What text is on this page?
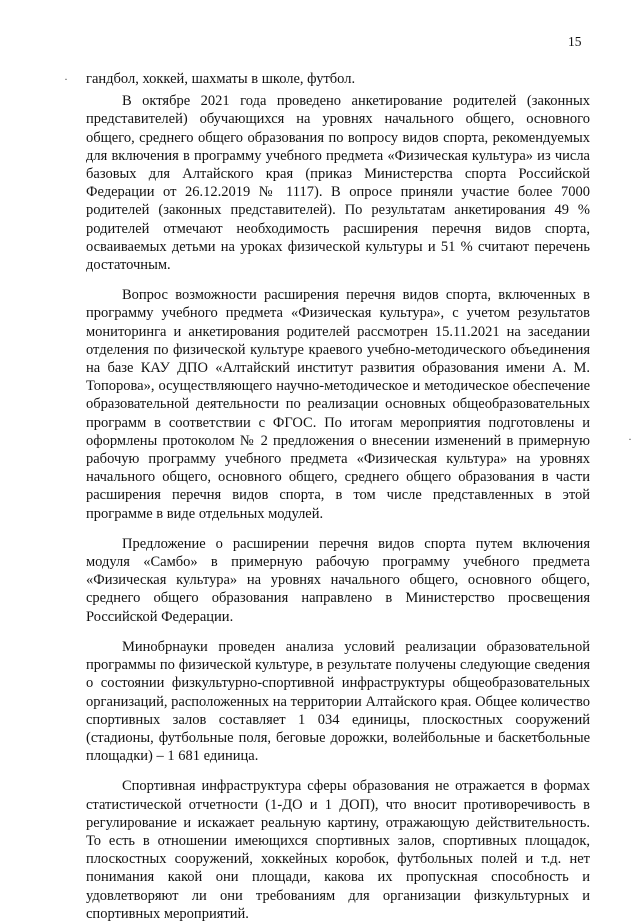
15
·
·

гандбол, хоккей, шахматы в школе, футбол.

В октябре 2021 года проведено анкетирование родителей (законных представителей) обучающихся на уровнях начального общего, основного общего, среднего общего образования по вопросу видов спорта, рекомендуемых для включения в программу учебного предмета «Физическая культура» из числа базовых для Алтайского края (приказ Министерства спорта Российской Федерации от 26.12.2019 № 1117). В опросе приняли участие более 7000 родителей (законных представителей). По результатам анкетирования 49 % родителей отмечают необходимость расширения перечня видов спорта, осваиваемых детьми на уроках физической культуры и 51 % считают перечень достаточным.

Вопрос возможности расширения перечня видов спорта, включенных в программу учебного предмета «Физическая культура», с учетом результатов мониторинга и анкетирования родителей рассмотрен 15.11.2021 на заседании отделения по физической культуре краевого учебно-методического объединения на базе КАУ ДПО «Алтайский институт развития образования имени А. М. Топорова», осуществляющего научно-методическое и методическое обеспечение образовательной деятельности по реализации основных общеобразовательных программ в соответствии с ФГОС. По итогам мероприятия подготовлены и оформлены протоколом № 2 предложения о внесении изменений в примерную рабочую программу учебного предмета «Физическая культура» на уровнях начального общего, основного общего, среднего общего образования в части расширения перечня видов спорта, в том числе представленных в этой программе в виде отдельных модулей.

Предложение о расширении перечня видов спорта путем включения модуля «Самбо» в примерную рабочую программу учебного предмета «Физическая культура» на уровнях начального общего, основного общего, среднего общего образования направлено в Министерство просвещения Российской Федерации.

Минобрнауки проведен анализа условий реализации образовательной программы по физической культуре, в результате получены следующие сведения о состоянии физкультурно-спортивной инфраструктуры общеобразовательных организаций, расположенных на территории Алтайского края. Общее количество спортивных залов составляет 1 034 единицы, плоскостных сооружений (стадионы, футбольные поля, беговые дорожки, волейбольные и баскетбольные площадки) – 1 681 единица.

Спортивная инфраструктура сферы образования не отражается в формах статистической отчетности (1-ДО и 1 ДОП), что вносит противоречивость в регулирование и искажает реальную картину, отражающую действительность. То есть в отношении имеющихся спортивных залов, спортивных площадок, плоскостных сооружений, хоккейных коробок, футбольных полей и т.д. нет понимания какой они площади, какова их пропускная способность и удовлетворяют ли они требованиям для организации физкультурных и спортивных мероприятий.
